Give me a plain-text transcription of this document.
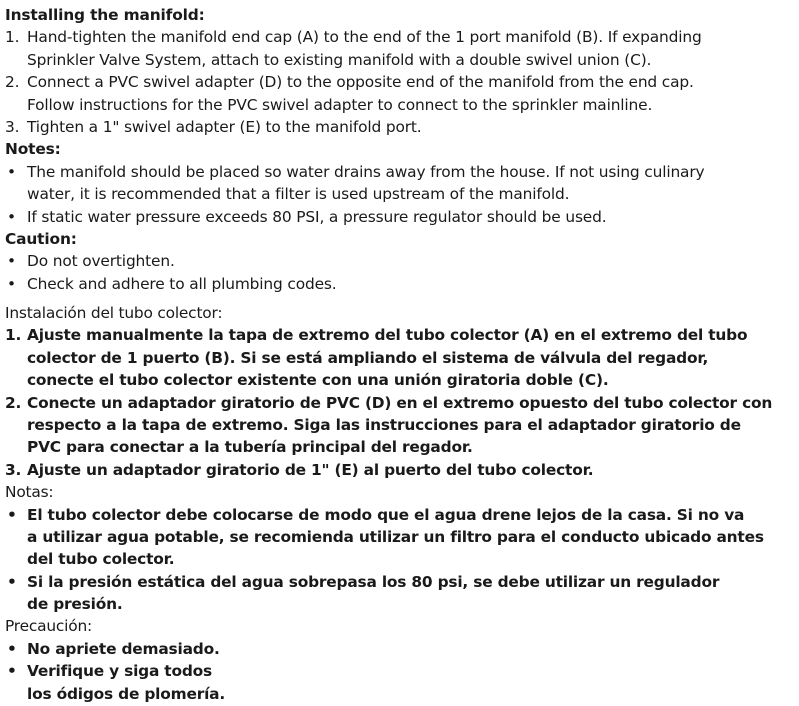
Installing the manifold:
1. Hand-tighten the manifold end cap (A) to the end of the 1 port manifold (B). If expanding
Sprinkler Valve System, attach to existing manifold with a double swivel union (C).
2. Connect a PVC swivel adapter (D) to the opposite end of the manifold from the end cap.
Follow instructions for the PVC swivel adapter to connect to the sprinkler mainline.
3. Tighten a 1" swivel adapter (E) to the manifold port.
Notes:
• The manifold should be placed so water drains away from the house. If not using culinary
water, it is recommended that a filter is used upstream of the manifold.
• If static water pressure exceeds 80 PSI, a pressure regulator should be used.
Caution:
• Do not overtighten.
• Check and adhere to all plumbing codes.
Instalación del tubo colector:
1. Ajuste manualmente la tapa de extremo del tubo colector (A) en el extremo del tubo
colector de 1 puerto (B). Si se está ampliando el sistema de válvula del regador,
conecte el tubo colector existente con una unión giratoria doble (C).
2. Conecte un adaptador giratorio de PVC (D) en el extremo opuesto del tubo colector con
respecto a la tapa de extremo. Siga las instrucciones para el adaptador giratorio de
PVC para conectar a la tubería principal del regador.
3. Ajuste un adaptador giratorio de 1" (E) al puerto del tubo colector.
Notas:
• El tubo colector debe colocarse de modo que el agua drene lejos de la casa. Si no va
a utilizar agua potable, se recomienda utilizar un filtro para el conducto ubicado antes
del tubo colector.
• Si la presión estática del agua sobrepasa los 80 psi, se debe utilizar un regulador
de presión.
Precaución:
• No apriete demasiado.
• Verifique y siga todos
los ódigos de plomería.
